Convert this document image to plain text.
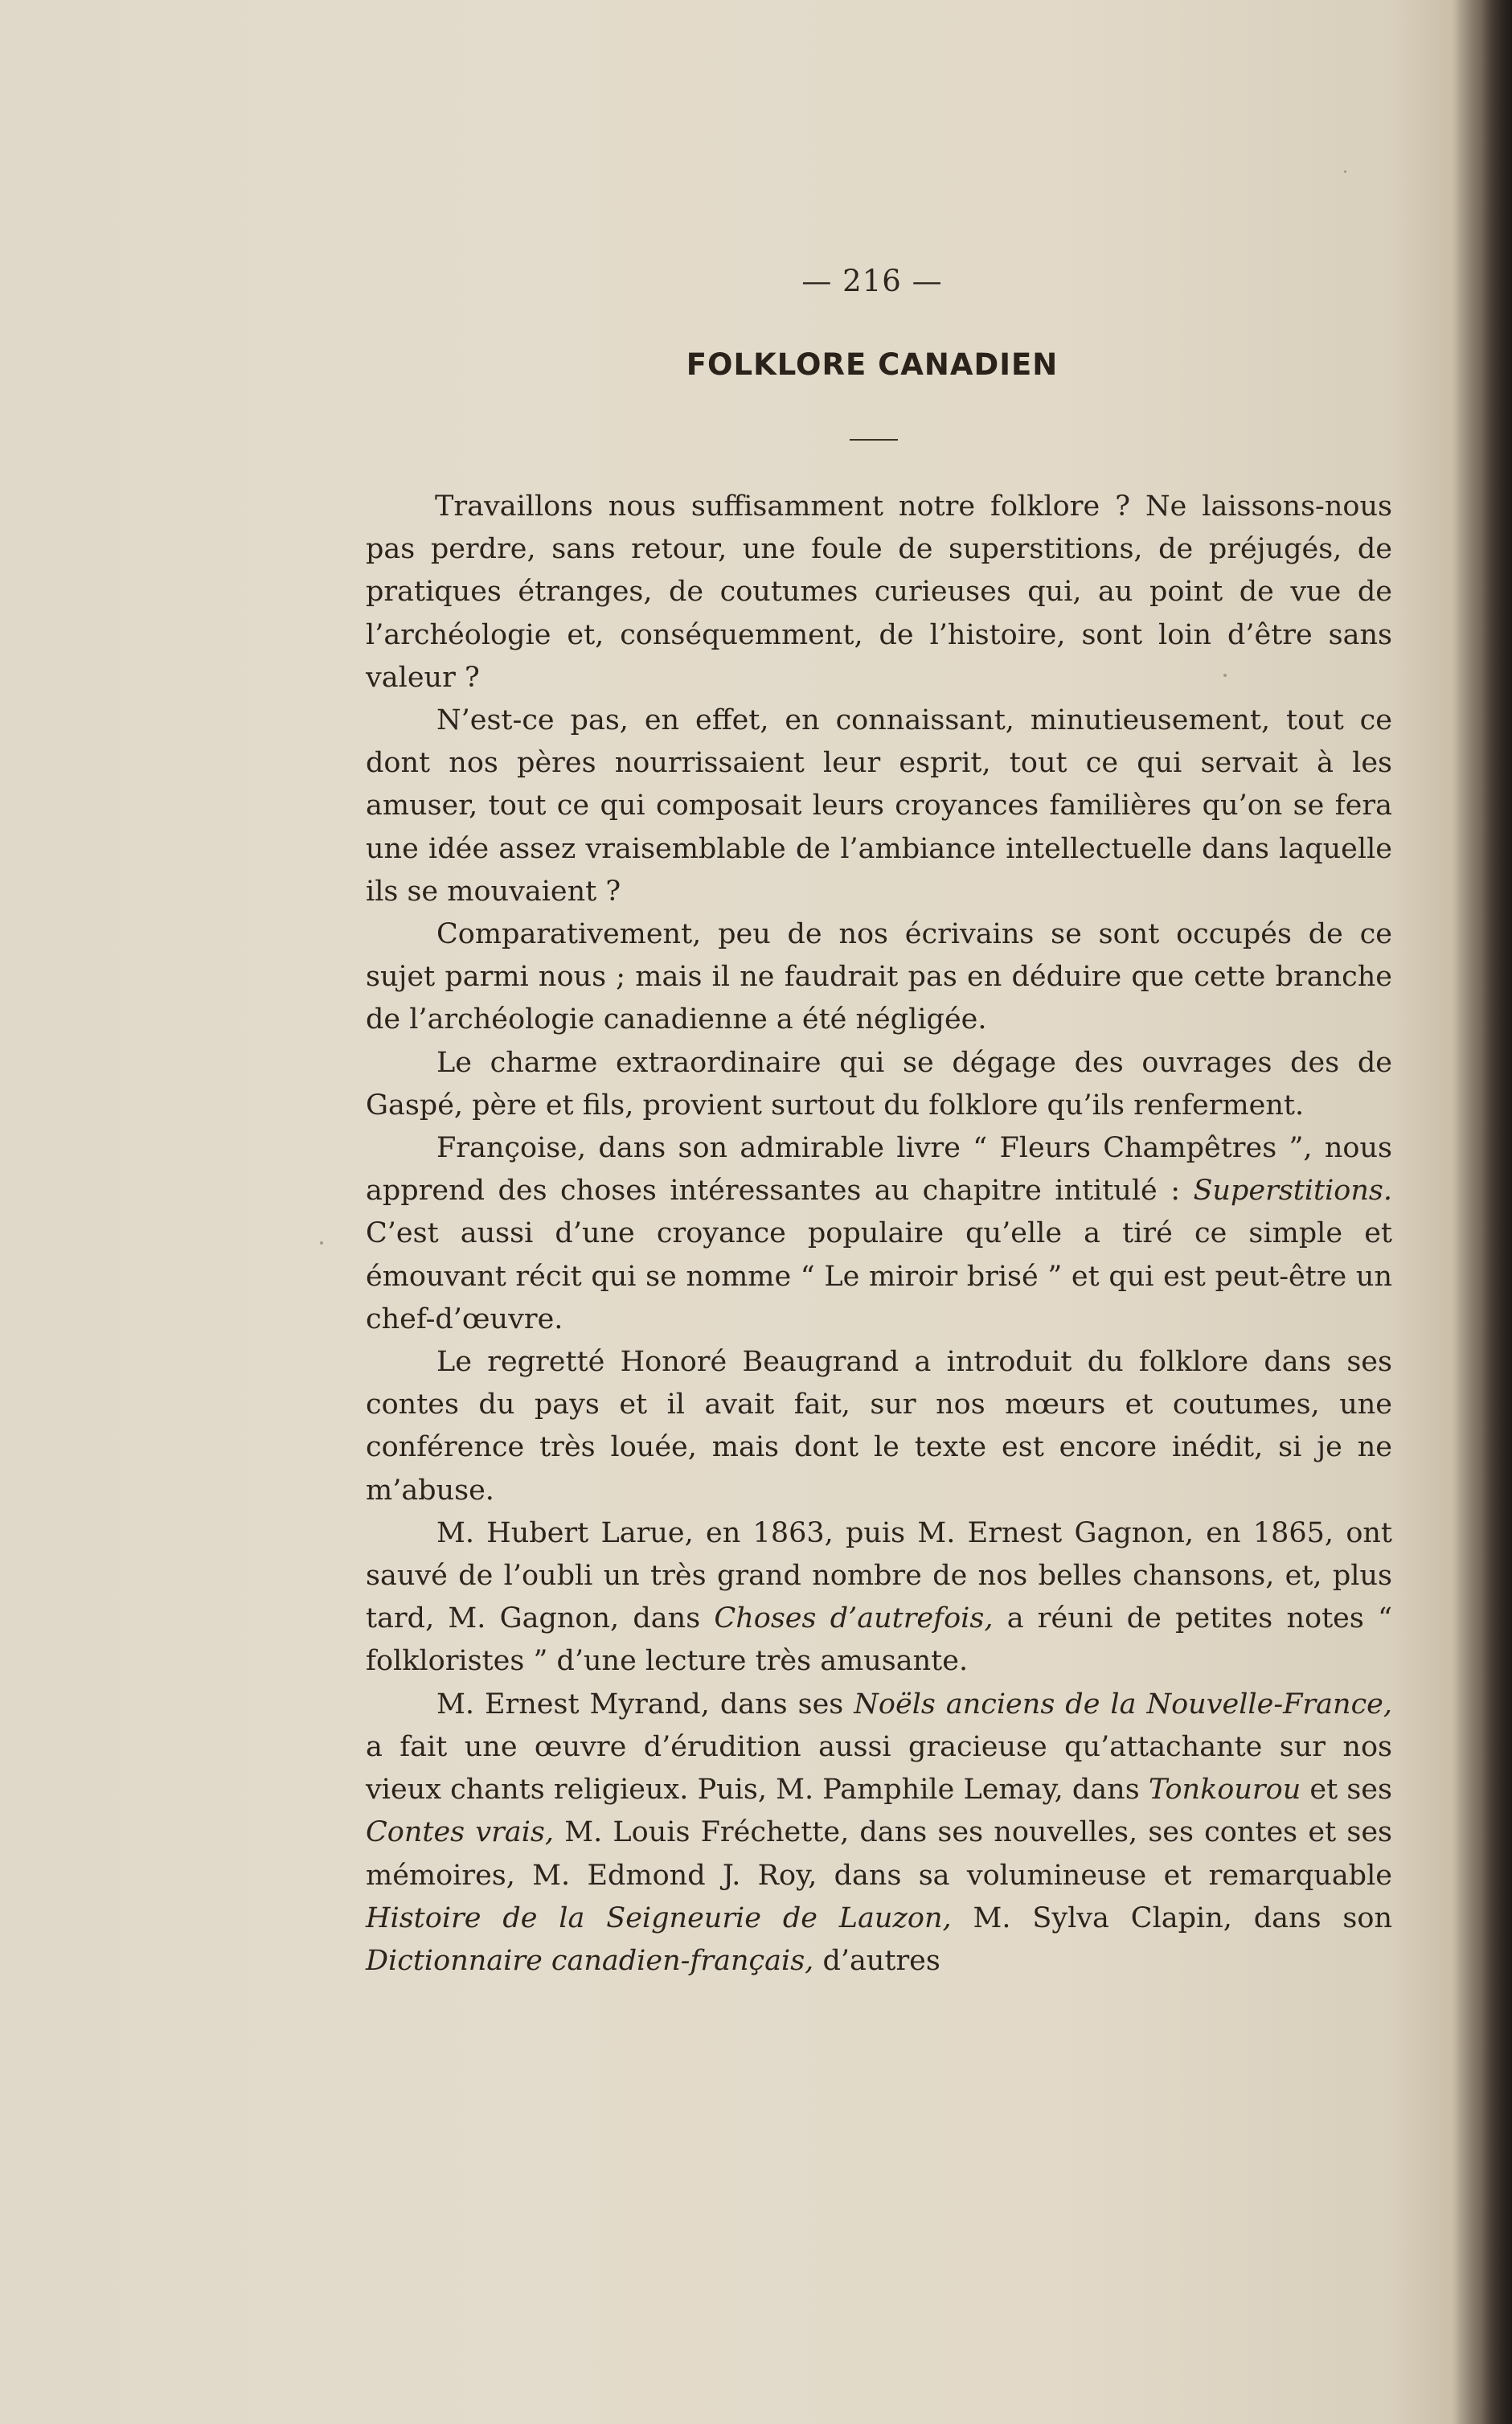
— 216 —
FOLKLORE CANADIEN

Travaillons nous suffisamment notre folklore ? Ne laissons-nous pas perdre, sans retour, une foule de superstitions, de préjugés, de pratiques étranges, de coutumes curieuses qui, au point de vue de l’archéologie et, conséquemment, de l’histoire, sont loin d’être sans valeur ?

N’est-ce pas, en effet, en connaissant, minutieusement, tout ce dont nos pères nourrissaient leur esprit, tout ce qui servait à les amuser, tout ce qui composait leurs croyances familières qu’on se fera une idée assez vraisemblable de l’ambiance intellectuelle dans laquelle ils se mouvaient ?

Comparativement, peu de nos écrivains se sont occupés de ce sujet parmi nous ; mais il ne faudrait pas en déduire que cette branche de l’archéologie canadienne a été négligée.

Le charme extraordinaire qui se dégage des ouvrages des de Gaspé, père et fils, provient surtout du folklore qu’ils renferment.

Françoise, dans son admirable livre “ Fleurs Champêtres ”, nous apprend des choses intéressantes au chapitre intitulé : Superstitions. C’est aussi d’une croyance populaire qu’elle a tiré ce simple et émouvant récit qui se nomme “ Le miroir brisé ” et qui est peut-être un chef-d’œuvre.

Le regretté Honoré Beaugrand a introduit du folklore dans ses contes du pays et il avait fait, sur nos mœurs et coutumes, une conférence très louée, mais dont le texte est encore inédit, si je ne m’abuse.

M. Hubert Larue, en 1863, puis M. Ernest Gagnon, en 1865, ont sauvé de l’oubli un très grand nombre de nos belles chansons, et, plus tard, M. Gagnon, dans Choses d’autrefois, a réuni de petites notes “ folkloristes ” d’une lecture très amusante.

M. Ernest Myrand, dans ses Noëls anciens de la Nouvelle-France, a fait une œuvre d’érudition aussi gracieuse qu’attachante sur nos vieux chants religieux. Puis, M. Pamphile Lemay, dans Tonkourou et ses Contes vrais, M. Louis Fréchette, dans ses nouvelles, ses contes et ses mémoires, M. Edmond J. Roy, dans sa volumineuse et remarquable Histoire de la Seigneurie de Lauzon, M. Sylva Clapin, dans son Dictionnaire canadien-français, d’autres
